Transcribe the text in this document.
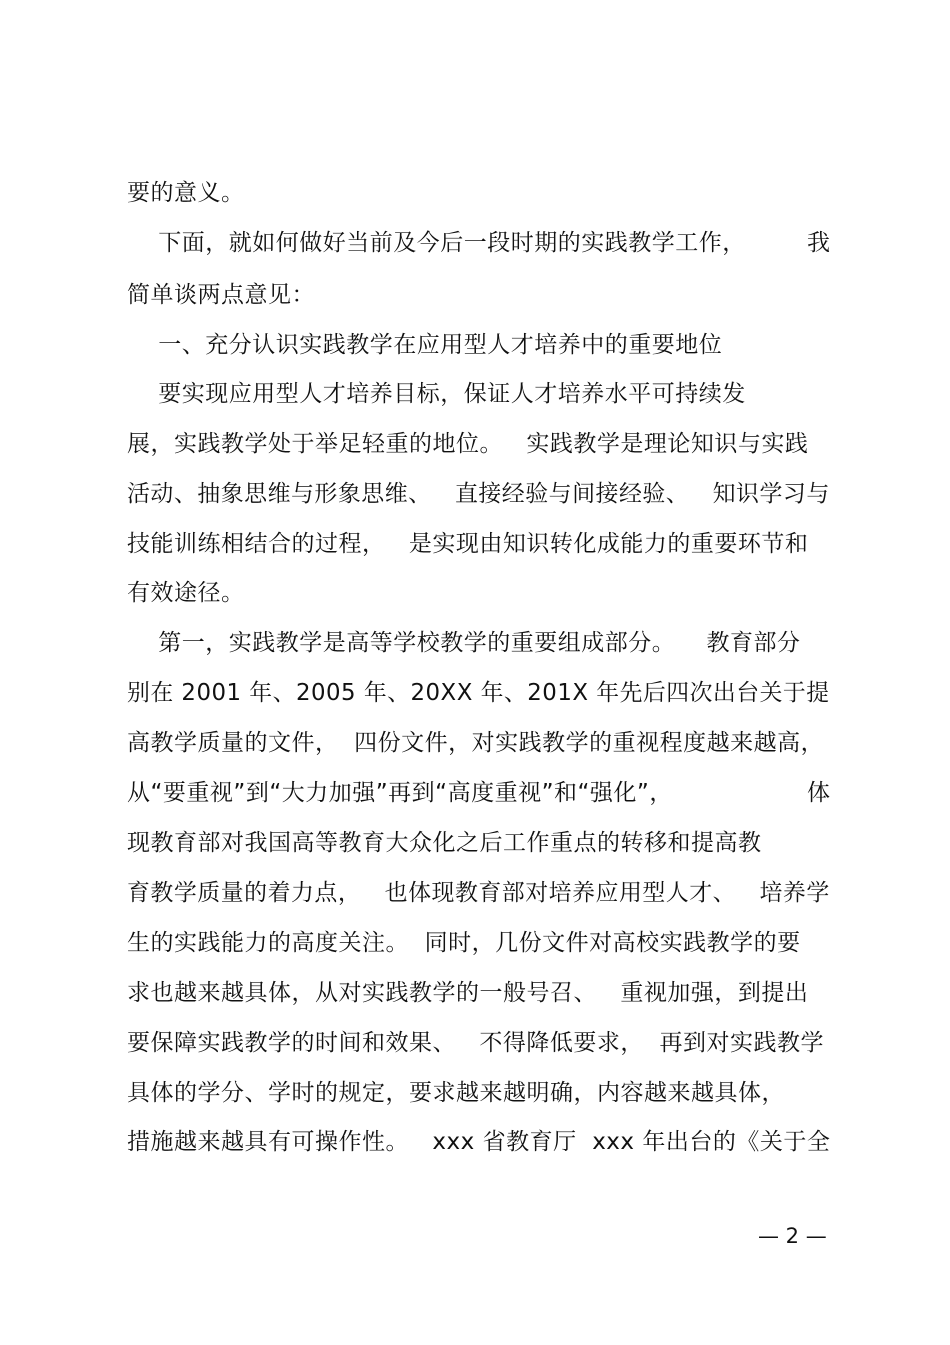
要的意义。
下面，就如何做好当前及今后一段时期的实践教学工作，	我
简单谈两点意见：
一、充分认识实践教学在应用型人才培养中的重要地位
要实现应用型人才培养目标，保证人才培养水平可持续发
展，实践教学处于举足轻重的地位。   实践教学是理论知识与实践
活动、抽象思维与形象思维、   直接经验与间接经验、   知识学习与
技能训练相结合的过程，   是实现由知识转化成能力的重要环节和
有效途径。
第一，实践教学是高等学校教学的重要组成部分。    教育部分
别在 2001 年、2005 年、20XX 年、201X 年先后四次出台关于提
高教学质量的文件，  四份文件，对实践教学的重视程度越来越高，
从“要重视”到“大力加强”再到“高度重视”和“强化”，	体
现教育部对我国高等教育大众化之后工作重点的转移和提高教
育教学质量的着力点，   也体现教育部对培养应用型人才、   培养学
生的实践能力的高度关注。  同时，几份文件对高校实践教学的要
求也越来越具体，从对实践教学的一般号召、   重视加强，到提出
要保障实践教学的时间和效果、   不得降低要求，  再到对实践教学
具体的学分、学时的规定，要求越来越明确，内容越来越具体，
措施越来越具有可操作性。   xxx 省教育厅  xxx 年出台的《关于全
— 2 —
